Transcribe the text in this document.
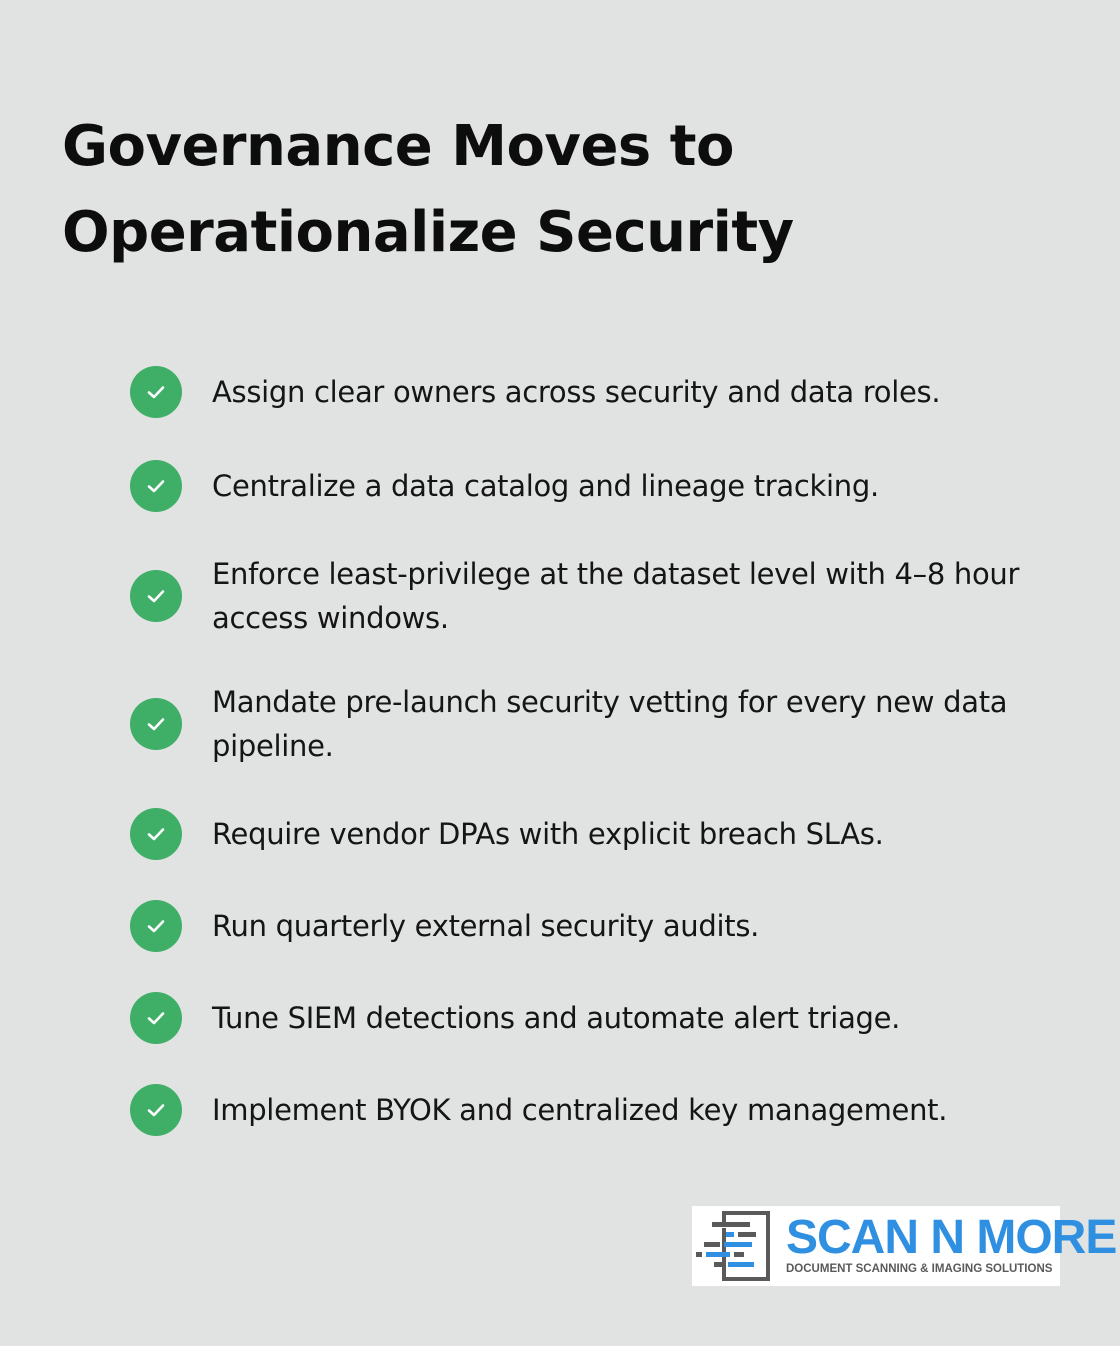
Governance Moves to Operationalize Security
Assign clear owners across security and data roles.
Centralize a data catalog and lineage tracking.
Enforce least-privilege at the dataset level with 4–8 hour access windows.
Mandate pre-launch security vetting for every new data pipeline.
Require vendor DPAs with explicit breach SLAs.
Run quarterly external security audits.
Tune SIEM detections and automate alert triage.
Implement BYOK and centralized key management.
SCAN N MORE
DOCUMENT SCANNING & IMAGING SOLUTIONS
